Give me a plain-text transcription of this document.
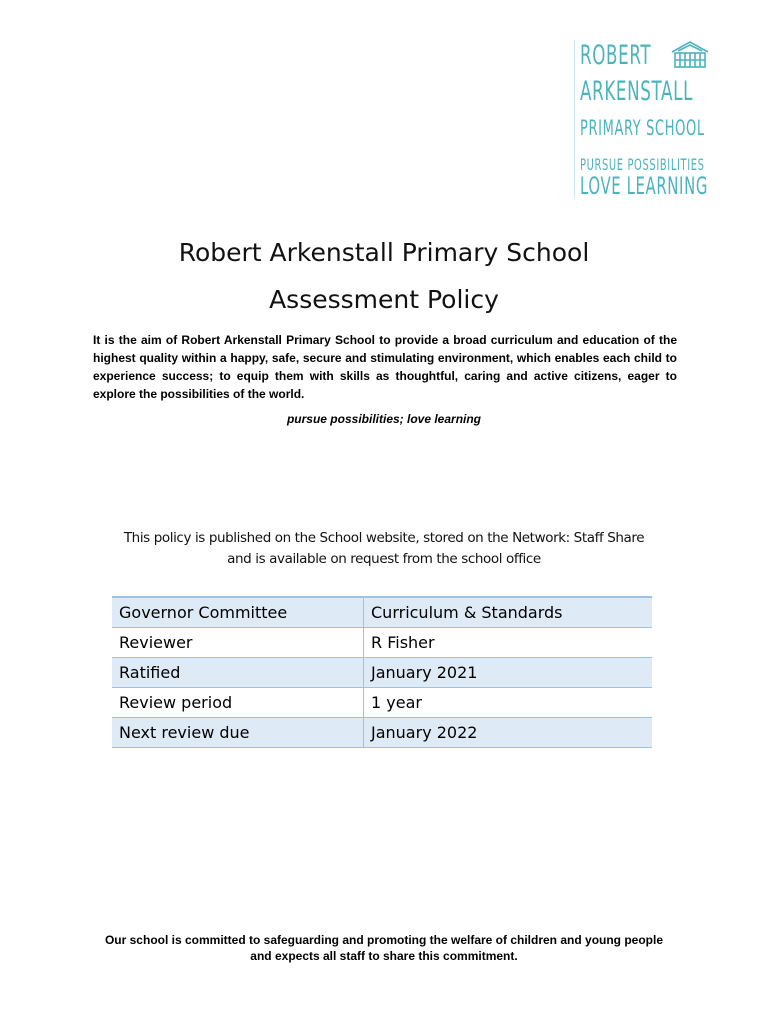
ROBERT
ARKENSTALL
PRIMARY SCHOOL
PURSUE POSSIBILITIES
LOVE LEARNING
Robert Arkenstall Primary School
Assessment Policy
It is the aim of Robert Arkenstall Primary School to provide a broad curriculum and education of the highest quality within a happy, safe, secure and stimulating environment, which enables each child to experience success; to equip them with skills as thoughtful, caring and active citizens, eager to explore the possibilities of the world.
pursue possibilities; love learning
This policy is published on the School website, stored on the Network: Staff Share
and is available on request from the school office
Governor Committee	Curriculum & Standards
Reviewer	R Fisher
Ratified	January 2021
Review period	1 year
Next review due	January 2022
Our school is committed to safeguarding and promoting the welfare of children and young people
and expects all staff to share this commitment.
